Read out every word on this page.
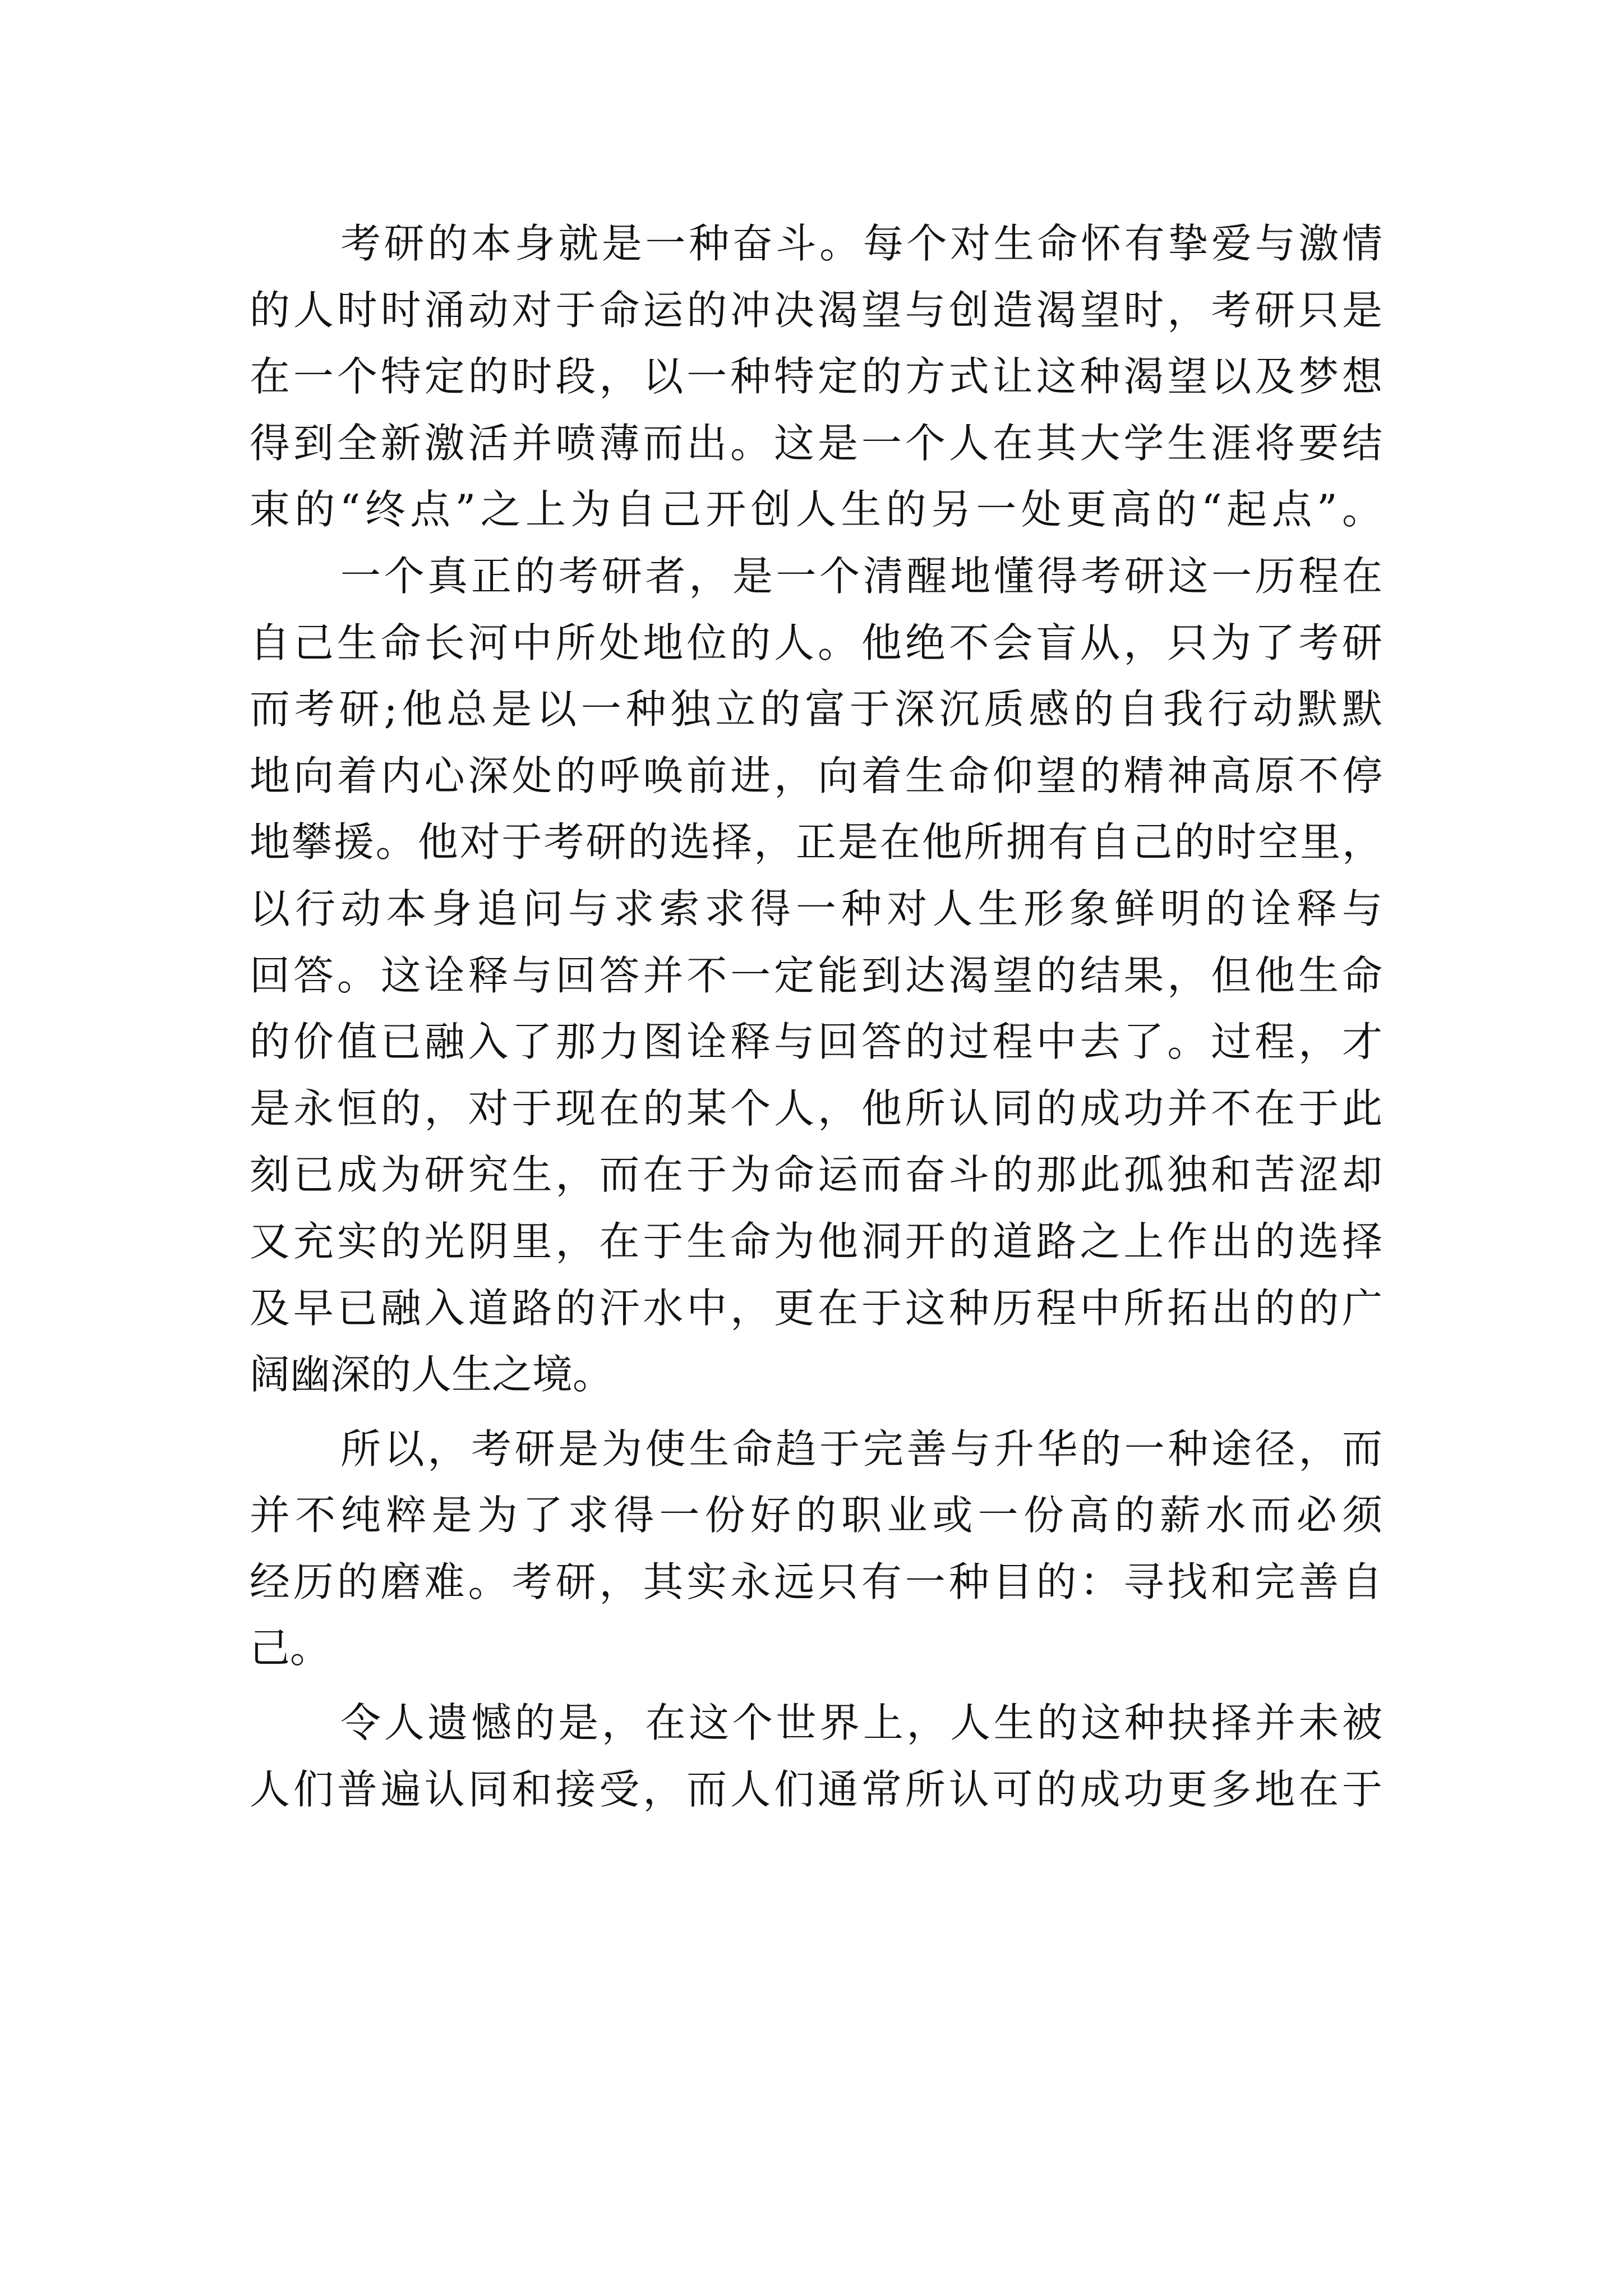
考研的本身就是一种奋斗。每个对生命怀有挚爱与激情
的人时时涌动对于命运的冲决渴望与创造渴望时，考研只是
在一个特定的时段，以一种特定的方式让这种渴望以及梦想
得到全新激活并喷薄而出。这是一个人在其大学生涯将要结
束的“终点”之上为自己开创人生的另一处更高的“起点”。
一个真正的考研者，是一个清醒地懂得考研这一历程在
自己生命长河中所处地位的人。他绝不会盲从，只为了考研
而考研;他总是以一种独立的富于深沉质感的自我行动默默
地向着内心深处的呼唤前进，向着生命仰望的精神高原不停
地攀援。他对于考研的选择，正是在他所拥有自己的时空里，
以行动本身追问与求索求得一种对人生形象鲜明的诠释与
回答。这诠释与回答并不一定能到达渴望的结果，但他生命
的价值已融入了那力图诠释与回答的过程中去了。过程，才
是永恒的，对于现在的某个人，他所认同的成功并不在于此
刻已成为研究生，而在于为命运而奋斗的那此孤独和苦涩却
又充实的光阴里，在于生命为他洞开的道路之上作出的选择
及早已融入道路的汗水中，更在于这种历程中所拓出的的广
阔幽深的人生之境。
所以，考研是为使生命趋于完善与升华的一种途径，而
并不纯粹是为了求得一份好的职业或一份高的薪水而必须
经历的磨难。考研，其实永远只有一种目的：寻找和完善自
己。
令人遗憾的是，在这个世界上，人生的这种抉择并未被
人们普遍认同和接受，而人们通常所认可的成功更多地在于
